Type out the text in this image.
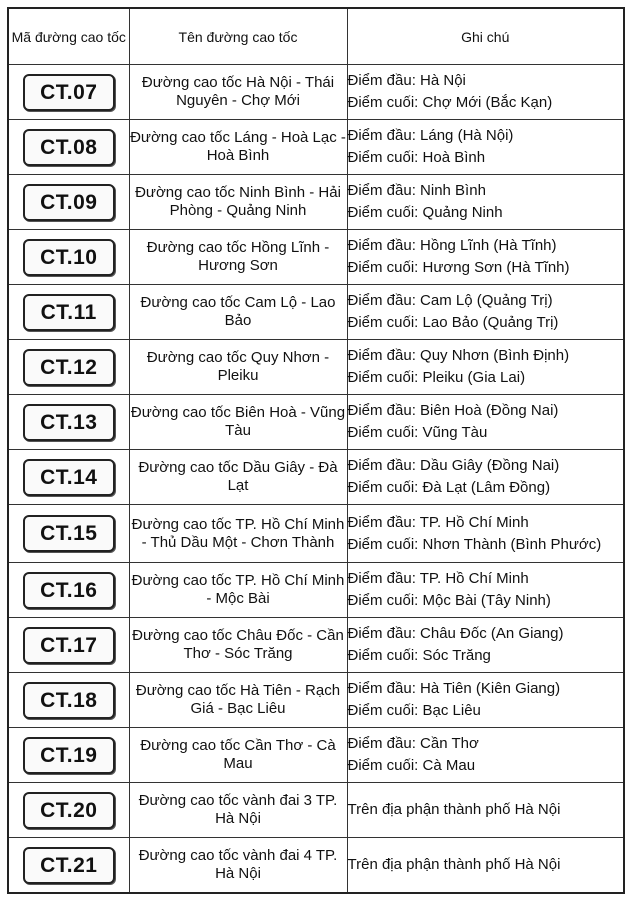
Mã đường cao tốc	Tên đường cao tốc	Ghi chú
CT.07	Đường cao tốc Hà Nội - Thái Nguyên - Chợ Mới	Điểm đầu: Hà Nội
Điểm cuối: Chợ Mới (Bắc Kạn)

CT.08	Đường cao tốc Láng - Hoà Lạc - Hoà Bình	Điểm đầu: Láng (Hà Nội)
Điểm cuối: Hoà Bình

CT.09	Đường cao tốc Ninh Bình - Hải Phòng - Quảng Ninh	Điểm đầu: Ninh Bình
Điểm cuối: Quảng Ninh

CT.10	Đường cao tốc Hồng Lĩnh - Hương Sơn	Điểm đầu: Hồng Lĩnh (Hà Tĩnh)
Điểm cuối: Hương Sơn (Hà Tĩnh)

CT.11	Đường cao tốc Cam Lộ - Lao Bảo	Điểm đầu: Cam Lộ (Quảng Trị)
Điểm cuối: Lao Bảo (Quảng Trị)

CT.12	Đường cao tốc Quy Nhơn - Pleiku	Điểm đầu: Quy Nhơn (Bình Định)
Điểm cuối: Pleiku (Gia Lai)

CT.13	Đường cao tốc Biên Hoà - Vũng Tàu	Điểm đầu: Biên Hoà (Đồng Nai)
Điểm cuối: Vũng Tàu

CT.14	Đường cao tốc Dầu Giây - Đà Lạt	Điểm đầu: Dầu Giây (Đồng Nai)
Điểm cuối: Đà Lạt (Lâm Đồng)

CT.15	Đường cao tốc TP. Hồ Chí Minh - Thủ Dầu Một - Chơn Thành	Điểm đầu: TP. Hồ Chí Minh
Điểm cuối: Nhơn Thành (Bình Phước)

CT.16	Đường cao tốc TP. Hồ Chí Minh - Mộc Bài	Điểm đầu: TP. Hồ Chí Minh
Điểm cuối: Mộc Bài (Tây Ninh)

CT.17	Đường cao tốc Châu Đốc - Cần Thơ - Sóc Trăng	Điểm đầu: Châu Đốc (An Giang)
Điểm cuối: Sóc Trăng

CT.18	Đường cao tốc Hà Tiên - Rạch Giá - Bạc Liêu	Điểm đầu: Hà Tiên (Kiên Giang)
Điểm cuối: Bạc Liêu

CT.19	Đường cao tốc Cần Thơ - Cà Mau	Điểm đầu: Cần Thơ
Điểm cuối: Cà Mau

CT.20	Đường cao tốc vành đai 3 TP. Hà Nội	Trên địa phận thành phố Hà Nội

CT.21	Đường cao tốc vành đai 4 TP. Hà Nội	Trên địa phận thành phố Hà Nội
